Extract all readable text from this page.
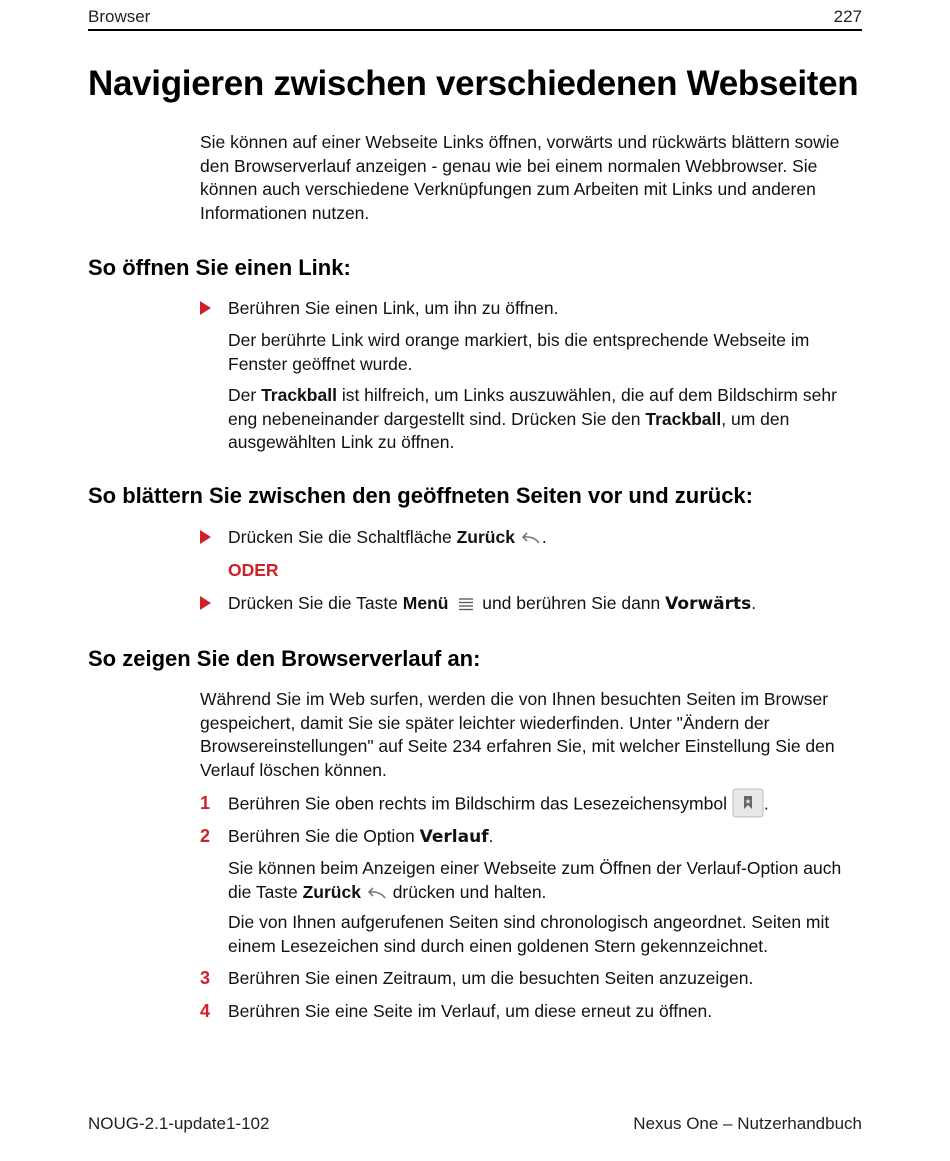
Browser	227
Navigieren zwischen verschiedenen Webseiten

Sie können auf einer Webseite Links öffnen, vorwärts und rückwärts blättern sowie den Browserverlauf anzeigen - genau wie bei einem normalen Webbrowser. Sie können auch verschiedene Verknüpfungen zum Arbeiten mit Links und anderen Informationen nutzen.

So öffnen Sie einen Link:
Berühren Sie einen Link, um ihn zu öffnen.
Der berührte Link wird orange markiert, bis die entsprechende Webseite im Fenster geöffnet wurde.
Der Trackball ist hilfreich, um Links auszuwählen, die auf dem Bildschirm sehr eng nebeneinander dargestellt sind. Drücken Sie den Trackball, um den ausgewählten Link zu öffnen.
So blättern Sie zwischen den geöffneten Seiten vor und zurück:
Drücken Sie die Schaltfläche Zurück .
ODER
Drücken Sie die Taste Menü  und berühren Sie dann Vorwärts.
So zeigen Sie den Browserverlauf an:

Während Sie im Web surfen, werden die von Ihnen besuchten Seiten im Browser gespeichert, damit Sie sie später leichter wiederfinden. Unter "Ändern der Browsereinstellungen" auf Seite 234 erfahren Sie, mit welcher Einstellung Sie den Verlauf löschen können.

1	Berühren Sie oben rechts im Bildschirm das Lesezeichensymbol .
2	Berühren Sie die Option Verlauf.
Sie können beim Anzeigen einer Webseite zum Öffnen der Verlauf-Option auch die Taste Zurück  drücken und halten.
Die von Ihnen aufgerufenen Seiten sind chronologisch angeordnet. Seiten mit einem Lesezeichen sind durch einen goldenen Stern gekennzeichnet.
3	Berühren Sie einen Zeitraum, um die besuchten Seiten anzuzeigen.
4	Berühren Sie eine Seite im Verlauf, um diese erneut zu öffnen.
NOUG-2.1-update1-102	Nexus One – Nutzerhandbuch
